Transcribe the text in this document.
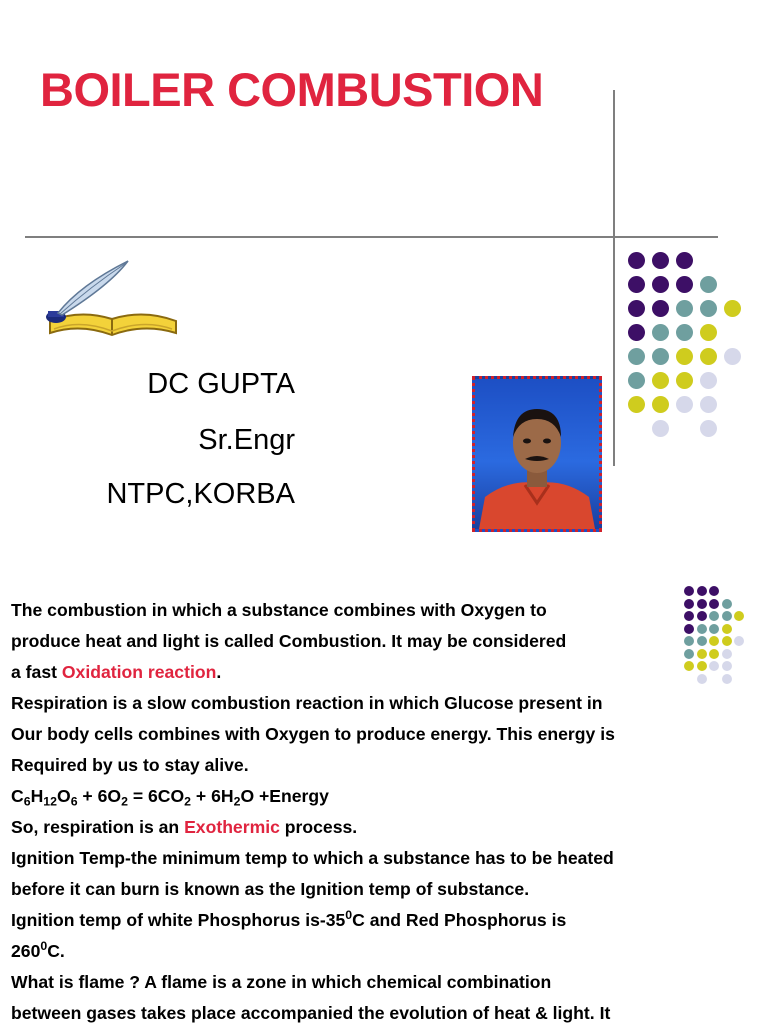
BOILER COMBUSTION
DC GUPTA
Sr.Engr
NTPC,KORBA
The combustion in which a substance combines with Oxygen to
produce heat and light is called Combustion. It may be considered
a fast Oxidation reaction.
Respiration is a slow combustion reaction in which Glucose present in
Our body cells combines with Oxygen to produce energy. This energy is
Required by us to stay alive.
$C_6H_{12}O_6 + 6O_2 = 6CO_2 + 6H_2O$ +Energy
So, respiration is an Exothermic process.
Ignition Temp-the minimum temp to which a substance has to be heated
before it can burn is known as the Ignition temp of substance.
Ignition temp of white Phosphorus $is-35^0C$ and Red Phosphorus is
$260^0C$.
What is flame ? A flame is a zone in which chemical combination
between gases takes place accompanied the evolution of heat & light. It
